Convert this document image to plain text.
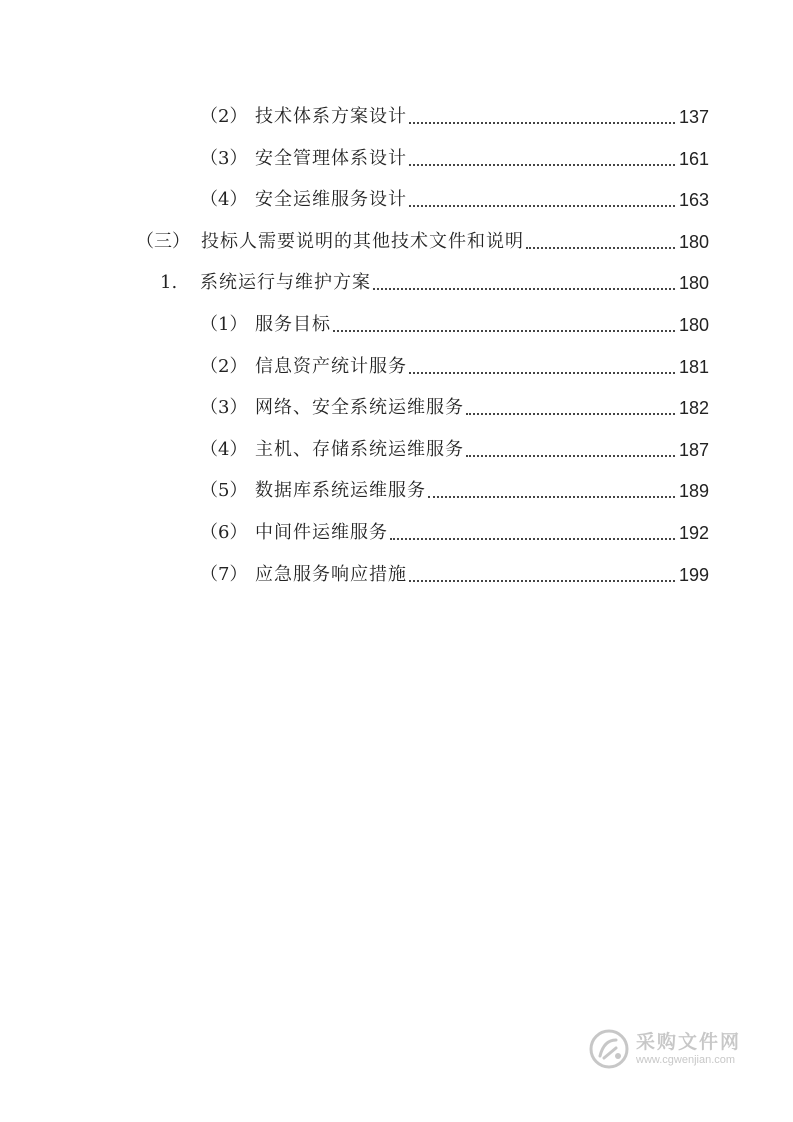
（2） 技术体系方案设计	137
（3） 安全管理体系设计	161
（4） 安全运维服务设计	163
（三） 投标人需要说明的其他技术文件和说明	180
1.	系统运行与维护方案	180
（1） 服务目标	180
（2） 信息资产统计服务	181
（3） 网络、安全系统运维服务	182
（4） 主机、存储系统运维服务	187
（5） 数据库系统运维服务	189
（6） 中间件运维服务	192
（7） 应急服务响应措施	199
采购文件网
www.cgwenjian.com
